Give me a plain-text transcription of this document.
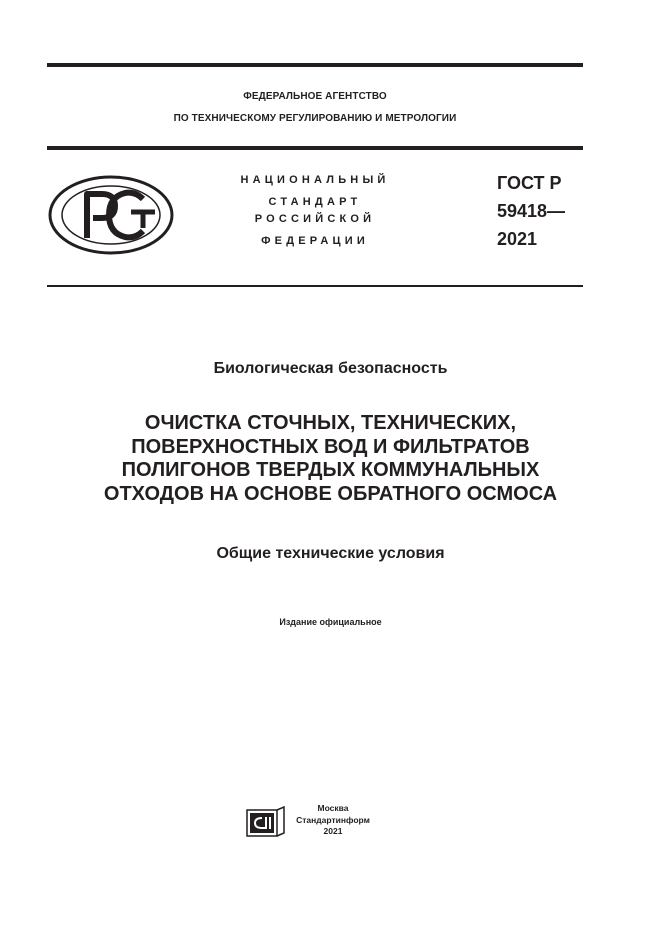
ФЕДЕРАЛЬНОЕ АГЕНТСТВО
ПО ТЕХНИЧЕСКОМУ РЕГУЛИРОВАНИЮ И МЕТРОЛОГИИ
НАЦИОНАЛЬНЫЙ
СТАНДАРТ
РОССИЙСКОЙ
ФЕДЕРАЦИИ
ГОСТ Р
59418—
2021
Биологическая безопасность
ОЧИСТКА СТОЧНЫХ, ТЕХНИЧЕСКИХ,
ПОВЕРХНОСТНЫХ ВОД И ФИЛЬТРАТОВ
ПОЛИГОНОВ ТВЕРДЫХ КОММУНАЛЬНЫХ
ОТХОДОВ НА ОСНОВЕ ОБРАТНОГО ОСМОСА
Общие технические условия
Издание официальное
Москва
Стандартинформ
2021
